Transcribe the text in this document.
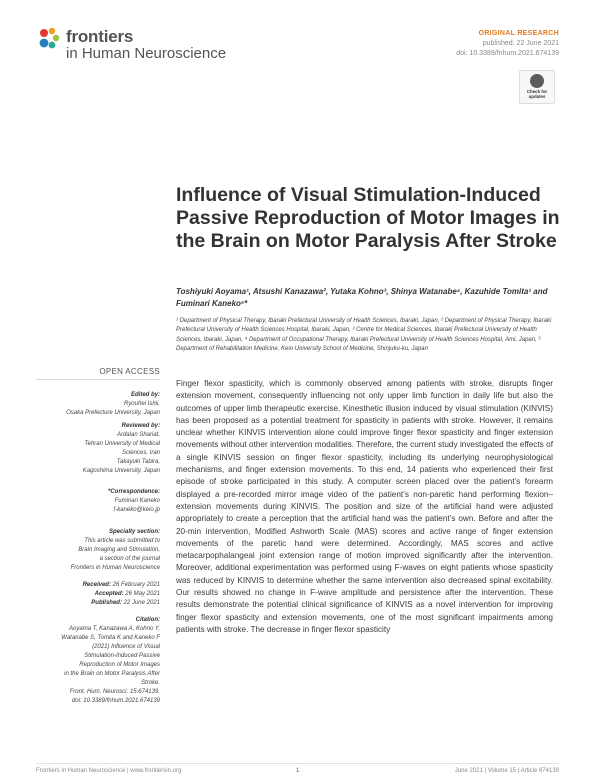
frontiers
in Human Neuroscience
ORIGINAL RESEARCH
published: 22 June 2021
doi: 10.3389/fnhum.2021.674139
Check for updates
Influence of Visual Stimulation-Induced Passive Reproduction of Motor Images in the Brain on Motor Paralysis After Stroke
Toshiyuki Aoyama¹, Atsushi Kanazawa², Yutaka Kohno³, Shinya Watanabe⁴, Kazuhide Tomita¹ and Fuminari Kaneko⁵*
¹ Department of Physical Therapy, Ibaraki Prefectural University of Health Sciences, Ibaraki, Japan, ² Department of Physical Therapy, Ibaraki Prefectural University of Health Sciences Hospital, Ibaraki, Japan, ³ Centre for Medical Sciences, Ibaraki Prefectural University of Health Sciences, Ibaraki, Japan, ⁴ Department of Occupational Therapy, Ibaraki Prefectural University of Health Sciences Hospital, Ami, Japan, ⁵ Department of Rehabilitation Medicine, Keio University School of Medicine, Shinjuku-ku, Japan
OPEN ACCESS
Edited by:
Ryouhei Ishii,
Osaka Prefecture University, Japan
Reviewed by:
Ardalan Shariat,
Tehran University of Medical
Sciences, Iran
Takayuki Tabira,
Kagoshima University, Japan
*Correspondence:
Fuminari Kaneko
f-kaneko@keio.jp
Specialty section:
This article was submitted to
Brain Imaging and Stimulation,
a section of the journal
Frontiers in Human Neuroscience
Received: 26 February 2021
Accepted: 26 May 2021
Published: 22 June 2021
Citation:
Aoyama T, Kanazawa A, Kohno Y,
Watanabe S, Tomita K and Kaneko F
(2021) Influence of Visual
Stimulation-Induced Passive
Reproduction of Motor Images
in the Brain on Motor Paralysis After
Stroke.
Front. Hum. Neurosci. 15:674139.
doi: 10.3389/fnhum.2021.674139
Finger flexor spasticity, which is commonly observed among patients with stroke, disrupts finger extension movement, consequently influencing not only upper limb function in daily life but also the outcomes of upper limb therapeutic exercise. Kinesthetic illusion induced by visual stimulation (KINVIS) has been proposed as a potential treatment for spasticity in patients with stroke. However, it remains unclear whether KINVIS intervention alone could improve finger flexor spasticity and finger extension movements without other intervention modalities. Therefore, the current study investigated the effects of a single KINVIS session on finger flexor spasticity, including its underlying neurophysiological mechanisms, and finger extension movements. To this end, 14 patients who experienced their first episode of stroke participated in this study. A computer screen placed over the patient’s forearm displayed a pre-recorded mirror image video of the patient’s non-paretic hand performing flexion–extension movements during KINVIS. The position and size of the artificial hand were adjusted appropriately to create a perception that the artificial hand was the patient’s own. Before and after the 20-min intervention, Modified Ashworth Scale (MAS) scores and active range of finger extension movements of the paretic hand were determined. Accordingly, MAS scores and active metacarpophalangeal joint extension range of motion improved significantly after the intervention. Moreover, additional experimentation was performed using F-waves on eight patients whose spasticity was reduced by KINVIS to determine whether the same intervention also decreased spinal excitability. Our results showed no change in F-wave amplitude and persistence after the intervention. These results demonstrate the potential clinical significance of KINVIS as a novel intervention for improving finger flexor spasticity and extension movements, one of the most significant impairments among patients with stroke. The decrease in finger flexor spasticity
Frontiers in Human Neuroscience | www.frontiersin.org	1	June 2021 | Volume 15 | Article 674139
